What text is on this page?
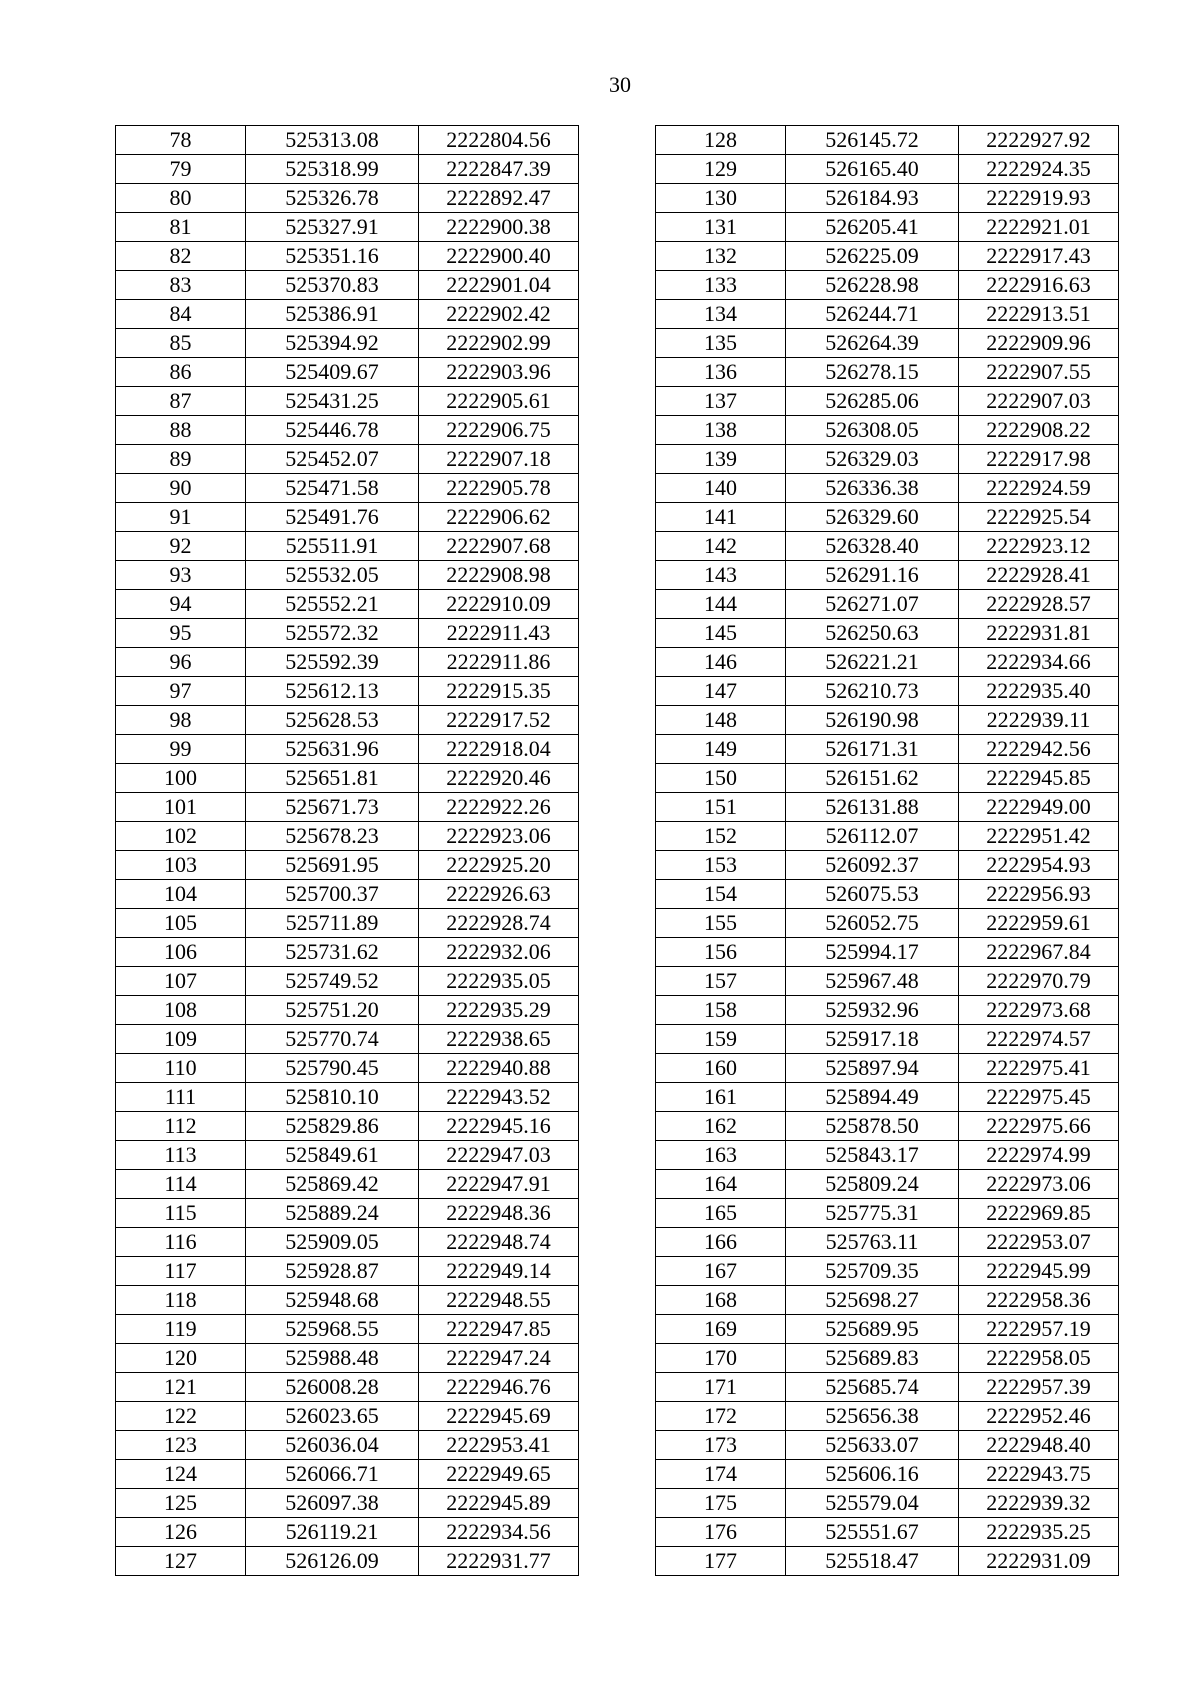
30
78	525313.08	2222804.56
79	525318.99	2222847.39
80	525326.78	2222892.47
81	525327.91	2222900.38
82	525351.16	2222900.40
83	525370.83	2222901.04
84	525386.91	2222902.42
85	525394.92	2222902.99
86	525409.67	2222903.96
87	525431.25	2222905.61
88	525446.78	2222906.75
89	525452.07	2222907.18
90	525471.58	2222905.78
91	525491.76	2222906.62
92	525511.91	2222907.68
93	525532.05	2222908.98
94	525552.21	2222910.09
95	525572.32	2222911.43
96	525592.39	2222911.86
97	525612.13	2222915.35
98	525628.53	2222917.52
99	525631.96	2222918.04
100	525651.81	2222920.46
101	525671.73	2222922.26
102	525678.23	2222923.06
103	525691.95	2222925.20
104	525700.37	2222926.63
105	525711.89	2222928.74
106	525731.62	2222932.06
107	525749.52	2222935.05
108	525751.20	2222935.29
109	525770.74	2222938.65
110	525790.45	2222940.88
111	525810.10	2222943.52
112	525829.86	2222945.16
113	525849.61	2222947.03
114	525869.42	2222947.91
115	525889.24	2222948.36
116	525909.05	2222948.74
117	525928.87	2222949.14
118	525948.68	2222948.55
119	525968.55	2222947.85
120	525988.48	2222947.24
121	526008.28	2222946.76
122	526023.65	2222945.69
123	526036.04	2222953.41
124	526066.71	2222949.65
125	526097.38	2222945.89
126	526119.21	2222934.56
127	526126.09	2222931.77
128	526145.72	2222927.92
129	526165.40	2222924.35
130	526184.93	2222919.93
131	526205.41	2222921.01
132	526225.09	2222917.43
133	526228.98	2222916.63
134	526244.71	2222913.51
135	526264.39	2222909.96
136	526278.15	2222907.55
137	526285.06	2222907.03
138	526308.05	2222908.22
139	526329.03	2222917.98
140	526336.38	2222924.59
141	526329.60	2222925.54
142	526328.40	2222923.12
143	526291.16	2222928.41
144	526271.07	2222928.57
145	526250.63	2222931.81
146	526221.21	2222934.66
147	526210.73	2222935.40
148	526190.98	2222939.11
149	526171.31	2222942.56
150	526151.62	2222945.85
151	526131.88	2222949.00
152	526112.07	2222951.42
153	526092.37	2222954.93
154	526075.53	2222956.93
155	526052.75	2222959.61
156	525994.17	2222967.84
157	525967.48	2222970.79
158	525932.96	2222973.68
159	525917.18	2222974.57
160	525897.94	2222975.41
161	525894.49	2222975.45
162	525878.50	2222975.66
163	525843.17	2222974.99
164	525809.24	2222973.06
165	525775.31	2222969.85
166	525763.11	2222953.07
167	525709.35	2222945.99
168	525698.27	2222958.36
169	525689.95	2222957.19
170	525689.83	2222958.05
171	525685.74	2222957.39
172	525656.38	2222952.46
173	525633.07	2222948.40
174	525606.16	2222943.75
175	525579.04	2222939.32
176	525551.67	2222935.25
177	525518.47	2222931.09
